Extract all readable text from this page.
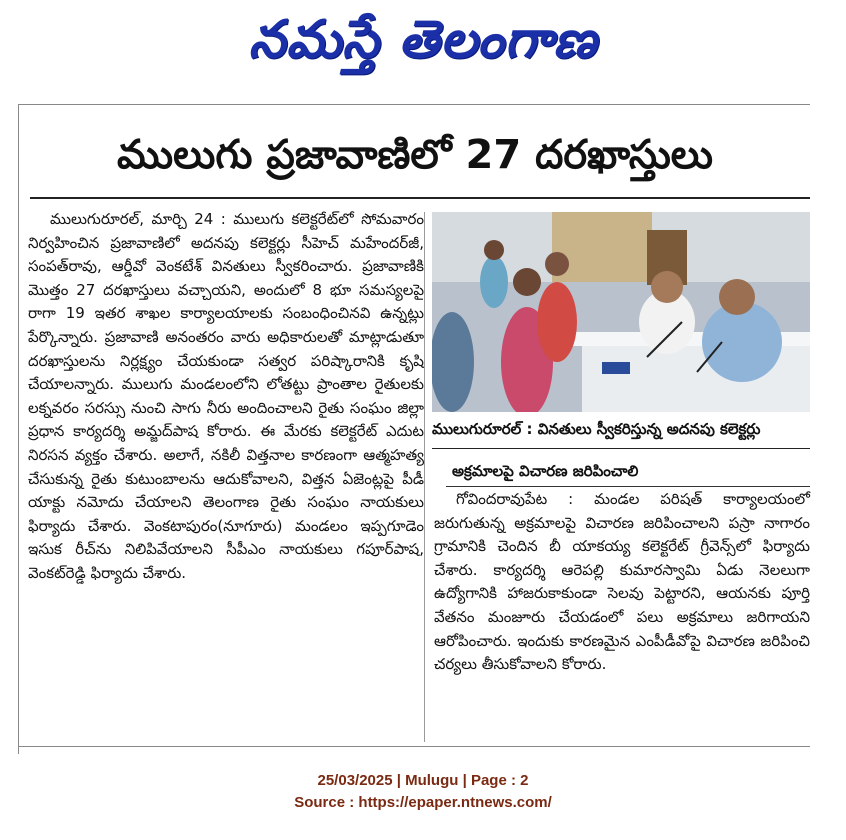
నమస్తే తెలంగాణ
ములుగు ప్రజావాణిలో 27 దరఖాస్తులు

ములుగురూరల్, మార్చి 24 : ములుగు కలెక్టరేట్‌లో సోమవారం నిర్వహించిన ప్రజావాణిలో అదనపు కలెక్టర్లు సీహెచ్ మహేందర్‌జీ, సంపత్‌రావు, ఆర్డీవో వెంకటేశ్ వినతులు స్వీకరించారు. ప్రజావాణికి మొత్తం 27 దరఖాస్తులు వచ్చాయని, అందులో 8 భూ సమస్యలపై రాగా 19 ఇతర శాఖల కార్యాలయాలకు సంబంధించినవి ఉన్నట్లు పేర్కొన్నారు. ప్రజావాణి అనంతరం వారు అధికారులతో మాట్లాడుతూ దరఖాస్తులను నిర్లక్ష్యం చేయకుండా సత్వర పరిష్కారానికి కృషి చేయాలన్నారు. ములుగు మండలంలోని లోతట్టు ప్రాంతాల రైతులకు లక్నవరం సరస్సు నుంచి సాగు నీరు అందించాలని రైతు సంఘం జిల్లా ప్రధాన కార్యదర్శి అమ్జద్‌పాష కోరారు. ఈ మేరకు కలెక్టరేట్ ఎదుట నిరసన వ్యక్తం చేశారు. అలాగే, నకిలీ విత్తనాల కారణంగా ఆత్మహత్య చేసుకున్న రైతు కుటుంబాలను ఆదుకోవాలని, విత్తన ఏజెంట్లపై పీడీ యాక్టు నమోదు చేయాలని తెలంగాణ రైతు సంఘం నాయకులు ఫిర్యాదు చేశారు. వెంకటాపురం(నూగూరు) మండలం ఇప్పగూడెం ఇసుక రీచ్‌ను నిలిపివేయాలని సీపీఎం నాయకులు గపూర్‌పాష, వెంకట్‌రెడ్డి ఫిర్యాదు చేశారు.

ములుగురూరల్ : వినతులు స్వీకరిస్తున్న అదనపు కలెక్టర్లు
అక్రమాలపై విచారణ జరిపించాలి

గోవిందరావుపేట : మండల పరిషత్ కార్యాలయంలో జరుగుతున్న అక్రమాలపై విచారణ జరిపించాలని పస్రా నాగారం గ్రామానికి చెందిన బీ యాకయ్య కలెక్టరేట్ గ్రీవెన్స్‌లో ఫిర్యాదు చేశారు. కార్యదర్శి ఆరెపల్లి కుమారస్వామి ఏడు నెలలుగా ఉద్యోగానికి హాజరుకాకుండా సెలవు పెట్టారని, ఆయనకు పూర్తి వేతనం మంజూరు చేయడంలో పలు అక్రమాలు జరిగాయని ఆరోపించారు. ఇందుకు కారణమైన ఎంపీడీవోపై విచారణ జరిపించి చర్యలు తీసుకోవాలని కోరారు.

25/03/2025 | Mulugu | Page : 2
Source : https://epaper.ntnews.com/
